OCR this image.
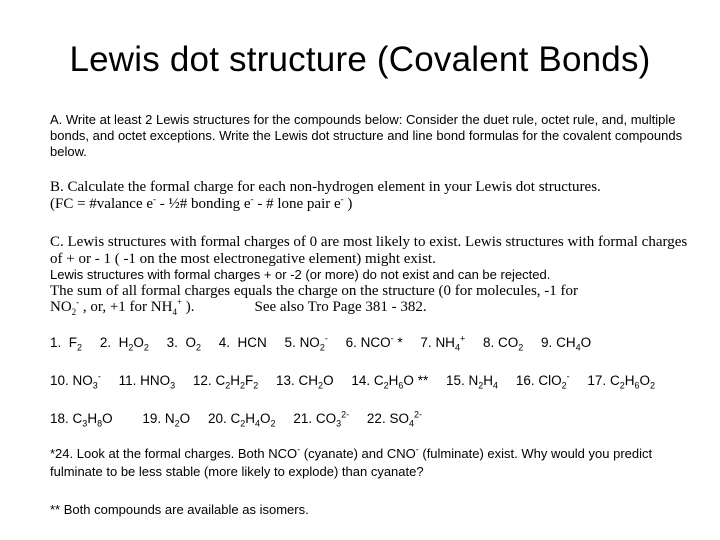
Lewis dot structure (Covalent Bonds)
A. Write at least 2 Lewis structures for the compounds below: Consider the duet rule, octet rule, and, multiple bonds, and octet exceptions. Write the Lewis dot structure and line bond formulas for the covalent compounds below.
B. Calculate the formal charge for each non-hydrogen element in your Lewis dot structures.
(FC = #valance e- - ½# bonding e- - # lone pair e- )
C. Lewis structures with formal charges of 0 are most likely to exist. Lewis structures with formal charges of + or - 1 ( -1 on the most electronegative element) might exist.
Lewis structures with formal charges + or -2 (or more) do not exist and can be rejected.
The sum of all formal charges equals the charge on the structure (0 for molecules, -1 for
$NO_2^-$ , or, +1 for $NH_4^+$ ).	See also Tro Page 381 - 382.
1. $F_2$ 2. $H_2O_2$ 3. $O_2$ 4. HCN 5. $NO_2^-$ 6. NCO- * 7. $NH_4^+$ 8. $CO_2$ 9. $CH_4O$
10. $NO_3^-$ 11. $HNO_3$ 12. $C_2H_2F_2$ 13. $CH_2O$ 14. $C_2H_6O ** 15$. $N_2H_4$ 16. ClO$_2$- 17. $C_2H_6O_2$
18. $C_3H_8O$ 19. $N_2O$ 20. $C_2H_4O_2$ 21. $CO_3^{2-}$ 22. $SO_4^{2-}$
*24. Look at the formal charges. Both NCO- (cyanate) and CNO- (fulminate) exist. Why would you predict fulminate to be less stable (more likely to explode) than cyanate?
** Both compounds are available as isomers.
